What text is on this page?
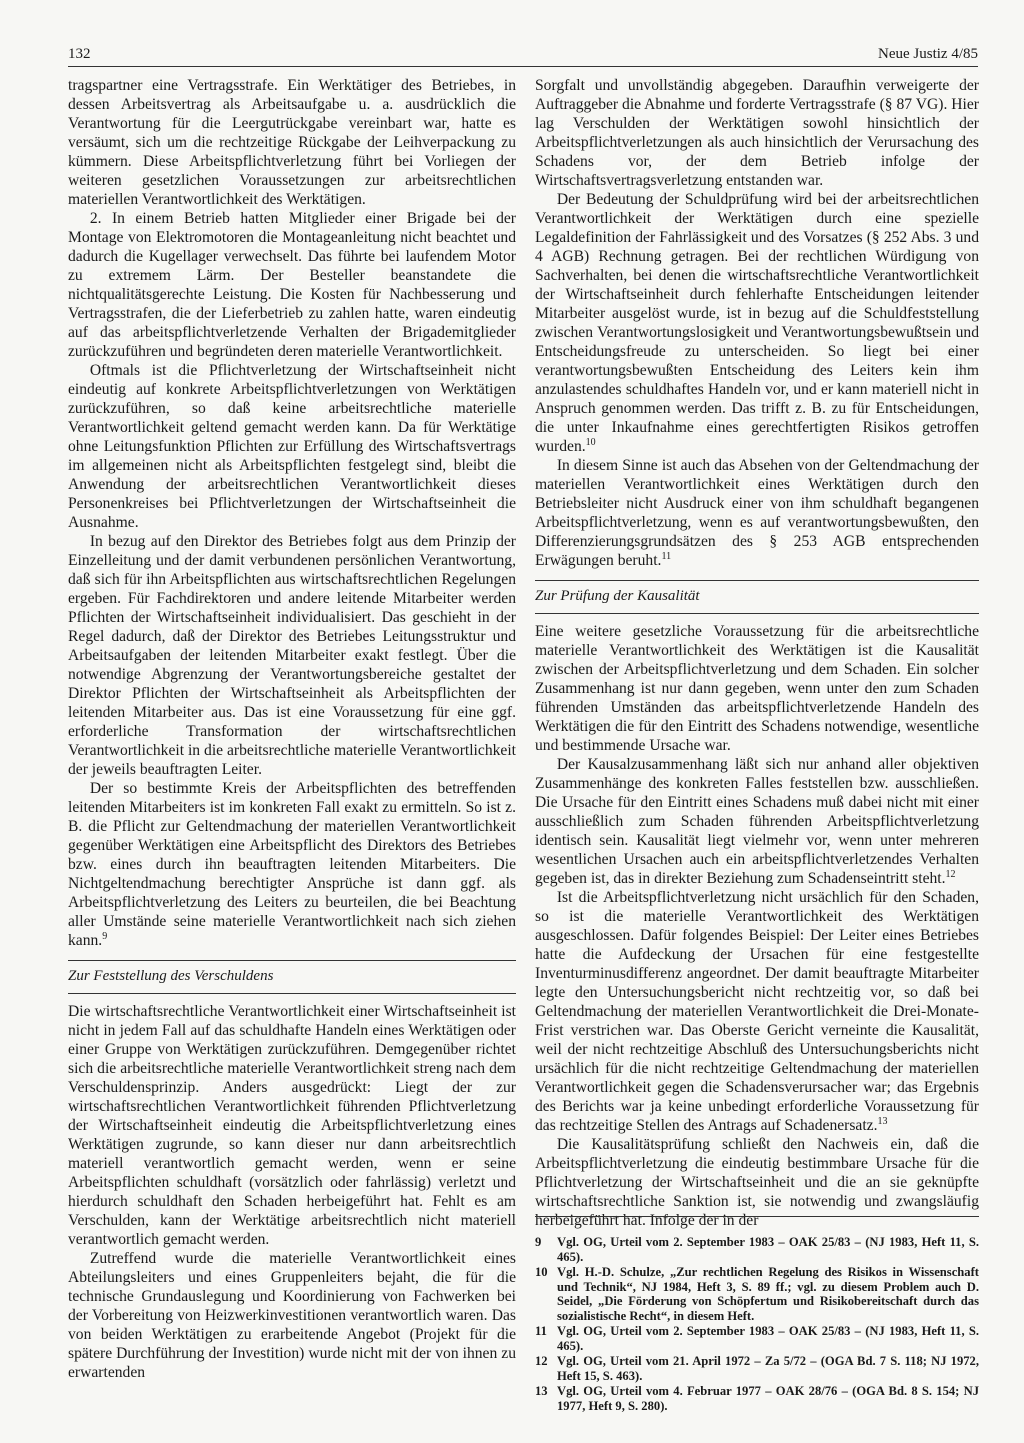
132	Neue Justiz 4/85

tragspartner eine Vertragsstrafe. Ein Werktätiger des Betriebes, in dessen Arbeitsvertrag als Arbeitsaufgabe u. a. ausdrücklich die Verantwortung für die Leergutrückgabe vereinbart war, hatte es versäumt, sich um die rechtzeitige Rückgabe der Leihverpackung zu kümmern. Diese Arbeitspflichtverletzung führt bei Vorliegen der weiteren gesetzlichen Voraussetzungen zur arbeitsrechtlichen materiellen Verantwortlichkeit des Werktätigen.

2. In einem Betrieb hatten Mitglieder einer Brigade bei der Montage von Elektromotoren die Montageanleitung nicht beachtet und dadurch die Kugellager verwechselt. Das führte bei laufendem Motor zu extremem Lärm. Der Besteller beanstandete die nichtqualitätsgerechte Leistung. Die Kosten für Nachbesserung und Vertragsstrafen, die der Lieferbetrieb zu zahlen hatte, waren eindeutig auf das arbeitspflichtverletzende Verhalten der Brigademitglieder zurückzuführen und begründeten deren materielle Verantwortlichkeit.

Oftmals ist die Pflichtverletzung der Wirtschaftseinheit nicht eindeutig auf konkrete Arbeitspflichtverletzungen von Werktätigen zurückzuführen, so daß keine arbeitsrechtliche materielle Verantwortlichkeit geltend gemacht werden kann. Da für Werktätige ohne Leitungsfunktion Pflichten zur Erfüllung des Wirtschaftsvertrags im allgemeinen nicht als Arbeitspflichten festgelegt sind, bleibt die Anwendung der arbeitsrechtlichen Verantwortlichkeit dieses Personenkreises bei Pflichtverletzungen der Wirtschaftseinheit die Ausnahme.

In bezug auf den Direktor des Betriebes folgt aus dem Prinzip der Einzelleitung und der damit verbundenen persönlichen Verantwortung, daß sich für ihn Arbeitspflichten aus wirtschaftsrechtlichen Regelungen ergeben. Für Fachdirektoren und andere leitende Mitarbeiter werden Pflichten der Wirtschaftseinheit individualisiert. Das geschieht in der Regel dadurch, daß der Direktor des Betriebes Leitungsstruktur und Arbeitsaufgaben der leitenden Mitarbeiter exakt festlegt. Über die notwendige Abgrenzung der Verantwortungsbereiche gestaltet der Direktor Pflichten der Wirtschaftseinheit als Arbeitspflichten der leitenden Mitarbeiter aus. Das ist eine Voraussetzung für eine ggf. erforderliche Transformation der wirtschaftsrechtlichen Verantwortlichkeit in die arbeitsrechtliche materielle Verantwortlichkeit der jeweils beauftragten Leiter.

Der so bestimmte Kreis der Arbeitspflichten des betreffenden leitenden Mitarbeiters ist im konkreten Fall exakt zu ermitteln. So ist z. B. die Pflicht zur Geltendmachung der materiellen Verantwortlichkeit gegenüber Werktätigen eine Arbeitspflicht des Direktors des Betriebes bzw. eines durch ihn beauftragten leitenden Mitarbeiters. Die Nichtgeltendmachung berechtigter Ansprüche ist dann ggf. als Arbeitspflichtverletzung des Leiters zu beurteilen, die bei Beachtung aller Umstände seine materielle Verantwortlichkeit nach sich ziehen kann.$^9$

Zur Feststellung des Verschuldens

Die wirtschaftsrechtliche Verantwortlichkeit einer Wirtschaftseinheit ist nicht in jedem Fall auf das schuldhafte Handeln eines Werktätigen oder einer Gruppe von Werktätigen zurückzuführen. Demgegenüber richtet sich die arbeitsrechtliche materielle Verantwortlichkeit streng nach dem Verschuldensprinzip. Anders ausgedrückt: Liegt der zur wirtschaftsrechtlichen Verantwortlichkeit führenden Pflichtverletzung der Wirtschaftseinheit eindeutig die Arbeitspflichtverletzung eines Werktätigen zugrunde, so kann dieser nur dann arbeitsrechtlich materiell verantwortlich gemacht werden, wenn er seine Arbeitspflichten schuldhaft (vorsätzlich oder fahrlässig) verletzt und hierdurch schuldhaft den Schaden herbeigeführt hat. Fehlt es am Verschulden, kann der Werktätige arbeitsrechtlich nicht materiell verantwortlich gemacht werden.

Zutreffend wurde die materielle Verantwortlichkeit eines Abteilungsleiters und eines Gruppenleiters bejaht, die für die technische Grundauslegung und Koordinierung von Fachwerken bei der Vorbereitung von Heizwerkinvestitionen verantwortlich waren. Das von beiden Werktätigen zu erarbeitende Angebot (Projekt für die spätere Durchführung der Investition) wurde nicht mit der von ihnen zu erwartenden

Sorgfalt und unvollständig abgegeben. Daraufhin verweigerte der Auftraggeber die Abnahme und forderte Vertragsstrafe (§ 87 VG). Hier lag Verschulden der Werktätigen sowohl hinsichtlich der Arbeitspflichtverletzungen als auch hinsichtlich der Verursachung des Schadens vor, der dem Betrieb infolge der Wirtschaftsvertragsverletzung entstanden war.

Der Bedeutung der Schuldprüfung wird bei der arbeitsrechtlichen Verantwortlichkeit der Werktätigen durch eine spezielle Legaldefinition der Fahrlässigkeit und des Vorsatzes (§ 252 Abs. 3 und 4 AGB) Rechnung getragen. Bei der rechtlichen Würdigung von Sachverhalten, bei denen die wirtschaftsrechtliche Verantwortlichkeit der Wirtschaftseinheit durch fehlerhafte Entscheidungen leitender Mitarbeiter ausgelöst wurde, ist in bezug auf die Schuldfeststellung zwischen Verantwortungslosigkeit und Verantwortungsbewußtsein und Entscheidungsfreude zu unterscheiden. So liegt bei einer verantwortungsbewußten Entscheidung des Leiters kein ihm anzulastendes schuldhaftes Handeln vor, und er kann materiell nicht in Anspruch genommen werden. Das trifft z. B. zu für Entscheidungen, die unter Inkaufnahme eines gerechtfertigten Risikos getroffen wurden.$^{10}$

In diesem Sinne ist auch das Absehen von der Geltendmachung der materiellen Verantwortlichkeit eines Werktätigen durch den Betriebsleiter nicht Ausdruck einer von ihm schuldhaft begangenen Arbeitspflichtverletzung, wenn es auf verantwortungsbewußten, den Differenzierungsgrundsätzen des § 253 AGB entsprechenden Erwägungen beruht.$^{11}$

Zur Prüfung der Kausalität

Eine weitere gesetzliche Voraussetzung für die arbeitsrechtliche materielle Verantwortlichkeit des Werktätigen ist die Kausalität zwischen der Arbeitspflichtverletzung und dem Schaden. Ein solcher Zusammenhang ist nur dann gegeben, wenn unter den zum Schaden führenden Umständen das arbeitspflichtverletzende Handeln des Werktätigen die für den Eintritt des Schadens notwendige, wesentliche und bestimmende Ursache war.

Der Kausalzusammenhang läßt sich nur anhand aller objektiven Zusammenhänge des konkreten Falles feststellen bzw. ausschließen. Die Ursache für den Eintritt eines Schadens muß dabei nicht mit einer ausschließlich zum Schaden führenden Arbeitspflichtverletzung identisch sein. Kausalität liegt vielmehr vor, wenn unter mehreren wesentlichen Ursachen auch ein arbeitspflichtverletzendes Verhalten gegeben ist, das in direkter Beziehung zum Schadenseintritt steht.$^{12}$

Ist die Arbeitspflichtverletzung nicht ursächlich für den Schaden, so ist die materielle Verantwortlichkeit des Werktätigen ausgeschlossen. Dafür folgendes Beispiel: Der Leiter eines Betriebes hatte die Aufdeckung der Ursachen für eine festgestellte Inventurminusdifferenz angeordnet. Der damit beauftragte Mitarbeiter legte den Untersuchungsbericht nicht rechtzeitig vor, so daß bei Geltendmachung der materiellen Verantwortlichkeit die Drei-Monate-Frist verstrichen war. Das Oberste Gericht verneinte die Kausalität, weil der nicht rechtzeitige Abschluß des Untersuchungsberichts nicht ursächlich für die nicht rechtzeitige Geltendmachung der materiellen Verantwortlichkeit gegen die Schadensverursacher war; das Ergebnis des Berichts war ja keine unbedingt erforderliche Voraussetzung für das rechtzeitige Stellen des Antrags auf Schadenersatz.$^{13}$

Die Kausalitätsprüfung schließt den Nachweis ein, daß die Arbeitspflichtverletzung die eindeutig bestimmbare Ursache für die Pflichtverletzung der Wirtschaftseinheit und die an sie geknüpfte wirtschaftsrechtliche Sanktion ist, sie notwendig und zwangsläufig herbeigeführt hat. Infolge der in der

9	Vgl. OG, Urteil vom 2. September 1983 – OAK 25/83 – (NJ 1983, Heft 11, S. 465).
10 Vgl. H.-D. Schulze, „Zur rechtlichen Regelung des Risikos in Wissenschaft und Technik“, NJ 1984, Heft 3, S. 89 ff.; vgl. zu diesem Problem auch D. Seidel, „Die Förderung von Schöpfertum und Risikobereitschaft durch das sozialistische Recht“, in diesem Heft.
11 Vgl. OG, Urteil vom 2. September 1983 – OAK 25/83 – (NJ 1983, Heft 11, S. 465).
12 Vgl. OG, Urteil vom 21. April 1972 – Za 5/72 – (OGA Bd. 7 S. 118; NJ 1972, Heft 15, S. 463).
13 Vgl. OG, Urteil vom 4. Februar 1977 – OAK 28/76 – (OGA Bd. 8 S. 154; NJ 1977, Heft 9, S. 280).
